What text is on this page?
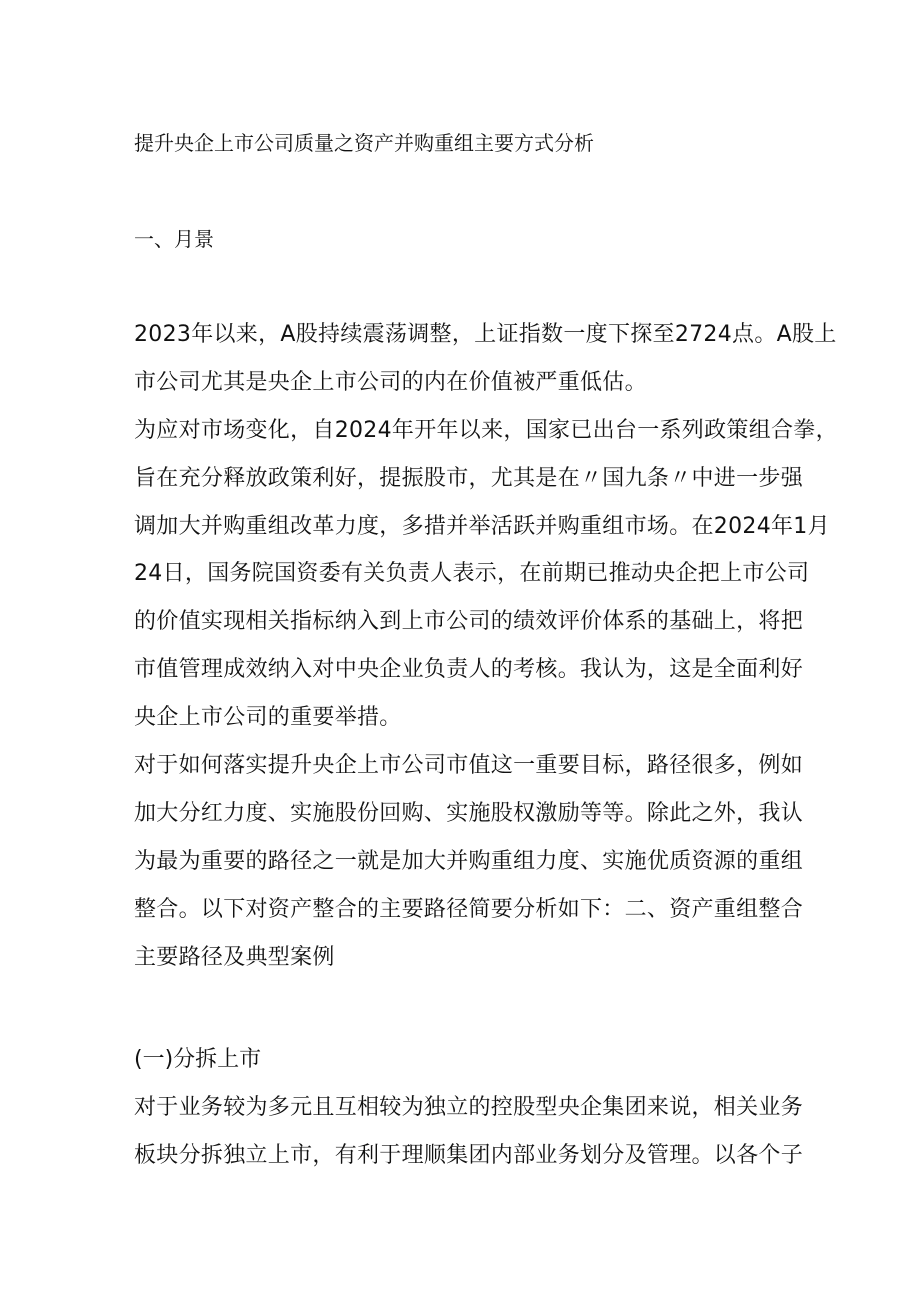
提升央企上市公司质量之资产并购重组主要方式分析
一、月景
2023年以来，A股持续震荡调整，上证指数一度下探至2724点。A股上
市公司尤其是央企上市公司的内在价值被严重低估。
为应对市场变化，自2024年开年以来，国家已出台一系列政策组合拳，
旨在充分释放政策利好，提振股市，尤其是在〃国九条〃中进一步强
调加大并购重组改革力度，多措并举活跃并购重组市场。在2024年1月
24日，国务院国资委有关负责人表示，在前期已推动央企把上市公司
的价值实现相关指标纳入到上市公司的绩效评价体系的基础上，将把
市值管理成效纳入对中央企业负责人的考核。我认为，这是全面利好
央企上市公司的重要举措。
对于如何落实提升央企上市公司市值这一重要目标，路径很多，例如
加大分红力度、实施股份回购、实施股权激励等等。除此之外，我认
为最为重要的路径之一就是加大并购重组力度、实施优质资源的重组
整合。以下对资产整合的主要路径简要分析如下：二、资产重组整合
主要路径及典型案例
(一)分拆上市
对于业务较为多元且互相较为独立的控股型央企集团来说，相关业务
板块分拆独立上市，有利于理顺集团内部业务划分及管理。以各个子
